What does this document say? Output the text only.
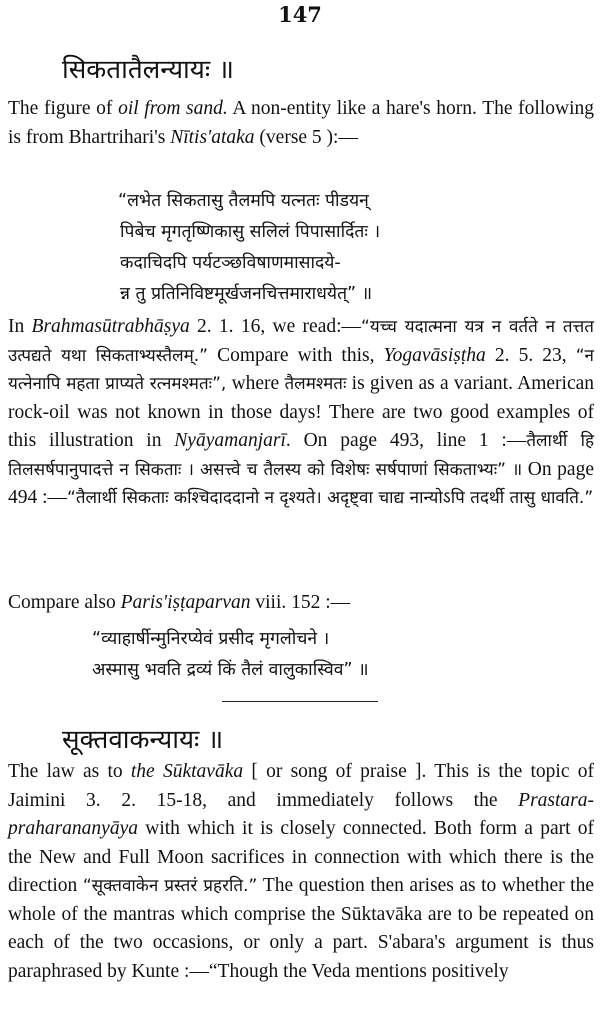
147
सिकतातैलन्यायः ॥
The figure of oil from sand. A non-entity like a hare's horn. The following is from Bhartrihari's Nītis'ataka (verse 5 ):—
“लभेत सिकतासु तैलमपि यत्नतः पीडयन्
पिबेच मृगतृष्णिकासु सलिलं पिपासार्दितः ।
कदाचिदपि पर्यटञ्छविषाणमासादये-
न्न तु प्रतिनिविष्टमूर्खजनचित्तमाराधयेत्” ॥
In Brahmasūtrabhāṣya 2. 1. 16, we read:—“यच्च यदात्मना यत्र न वर्तते न तत्तत उत्पद्यते यथा सिकताभ्यस्तैलम्.” Compare with this, Yogavāsiṣṭha 2. 5. 23, “न यत्नेनापि महता प्राप्यते रत्नमश्मतः”, where तैलमश्मतः is given as a variant. American rock-oil was not known in those days! There are two good examples of this illustration in Nyāyamanjarī. On page 493, line 1 :—तैलार्थी हि तिलसर्षपानुपादत्ते न सिकताः । असत्त्वे च तैलस्य को विशेषः सर्षपाणां सिकताभ्यः” ॥ On page 494 :—“तैलार्थी सिकताः कश्चिदाददानो न दृश्यते। अदृष्ट्वा चाद्य नान्योऽपि तदर्थी तासु धावति.”
Compare also Paris'iṣṭaparvan viii. 152 :—
“व्याहार्षीन्मुनिरप्येवं प्रसीद मृगलोचने ।
अस्मासु भवति द्रव्यं किं तैलं वालुकास्विव” ॥
सूक्तवाकन्यायः ॥
The law as to the Sūktavāka [ or song of praise ]. This is the topic of Jaimini 3. 2. 15-18, and immediately follows the Prastara-praharananyāya with which it is closely connected. Both form a part of the New and Full Moon sacrifices in connection with which there is the direction “सूक्तवाकेन प्रस्तरं प्रहरति.” The question then arises as to whether the whole of the mantras which comprise the Sūktavāka are to be repeated on each of the two occasions, or only a part. S'abara's argument is thus paraphrased by Kunte :—“Though the Veda mentions positively
